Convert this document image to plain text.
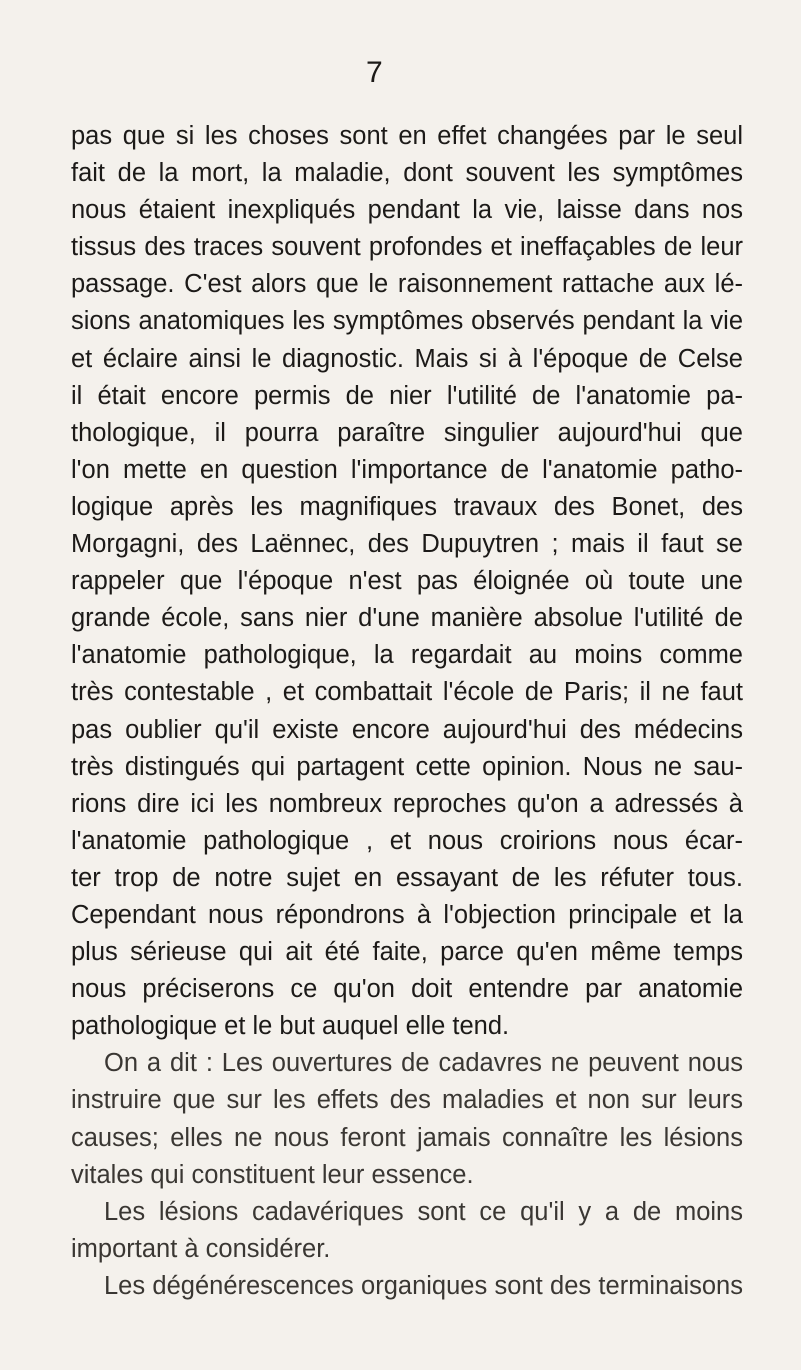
7
pas que si les choses sont en effet changées par le seul
fait de la mort, la maladie, dont souvent les symptômes
nous étaient inexpliqués pendant la vie, laisse dans nos
tissus des traces souvent profondes et ineffaçables de leur
passage. C'est alors que le raisonnement rattache aux lé-
sions anatomiques les symptômes observés pendant la vie
et éclaire ainsi le diagnostic. Mais si à l'époque de Celse
il était encore permis de nier l'utilité de l'anatomie pa-
thologique, il pourra paraître singulier aujourd'hui que
l'on mette en question l'importance de l'anatomie patho-
logique après les magnifiques travaux des Bonet, des
Morgagni, des Laënnec, des Dupuytren ; mais il faut se
rappeler que l'époque n'est pas éloignée où toute une
grande école, sans nier d'une manière absolue l'utilité de
l'anatomie pathologique, la regardait au moins comme
très contestable , et combattait l'école de Paris; il ne faut
pas oublier qu'il existe encore aujourd'hui des médecins
très distingués qui partagent cette opinion. Nous ne sau-
rions dire ici les nombreux reproches qu'on a adressés à
l'anatomie pathologique , et nous croirions nous écar-
ter trop de notre sujet en essayant de les réfuter tous.
Cependant nous répondrons à l'objection principale et la
plus sérieuse qui ait été faite, parce qu'en même temps
nous préciserons ce qu'on doit entendre par anatomie
pathologique et le but auquel elle tend.
On a dit : Les ouvertures de cadavres ne peuvent nous
instruire que sur les effets des maladies et non sur leurs
causes; elles ne nous feront jamais connaître les lésions
vitales qui constituent leur essence.
Les lésions cadavériques sont ce qu'il y a de moins
important à considérer.
Les dégénérescences organiques sont des terminaisons
